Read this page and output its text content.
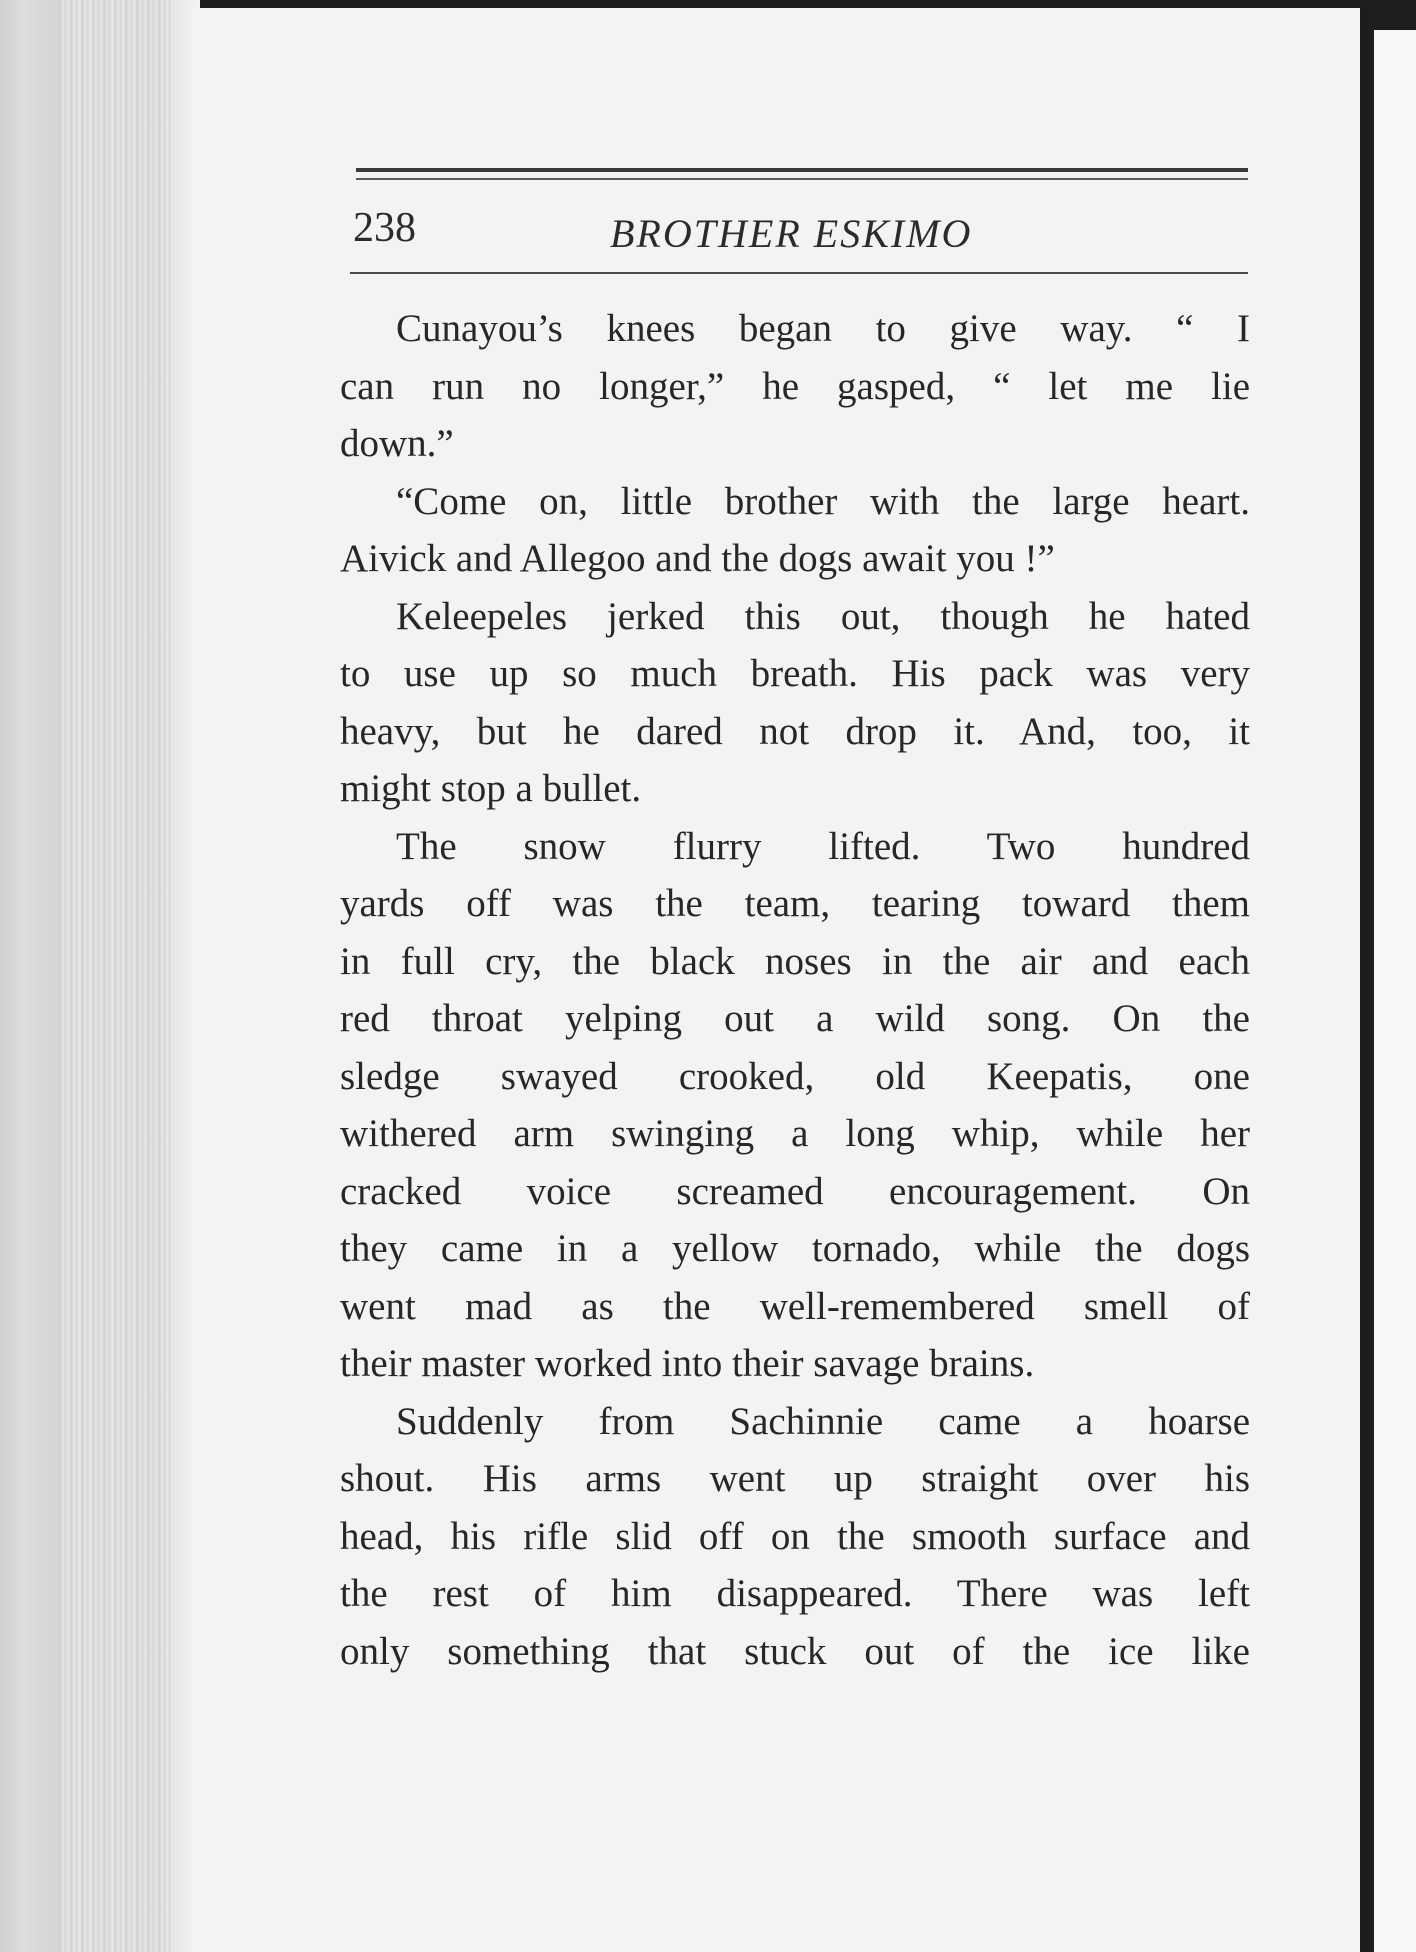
238	BROTHER ESKIMO

Cunayou’s knees began to give way. “ I
can run no longer,” he gasped, “ let me lie
down.”

“Come on, little brother with the large heart.
Aivick and Allegoo and the dogs await you !”

Keleepeles jerked this out, though he hated
to use up so much breath. His pack was very
heavy, but he dared not drop it. And, too, it
might stop a bullet.

The snow flurry lifted. Two hundred
yards off was the team, tearing toward them
in full cry, the black noses in the air and each
red throat yelping out a wild song. On the
sledge swayed crooked, old Keepatis, one
withered arm swinging a long whip, while her
cracked voice screamed encouragement. On
they came in a yellow tornado, while the dogs
went mad as the well-remembered smell of
their master worked into their savage brains.

Suddenly from Sachinnie came a hoarse
shout. His arms went up straight over his
head, his rifle slid off on the smooth surface and
the rest of him disappeared. There was left
only something that stuck out of the ice like
